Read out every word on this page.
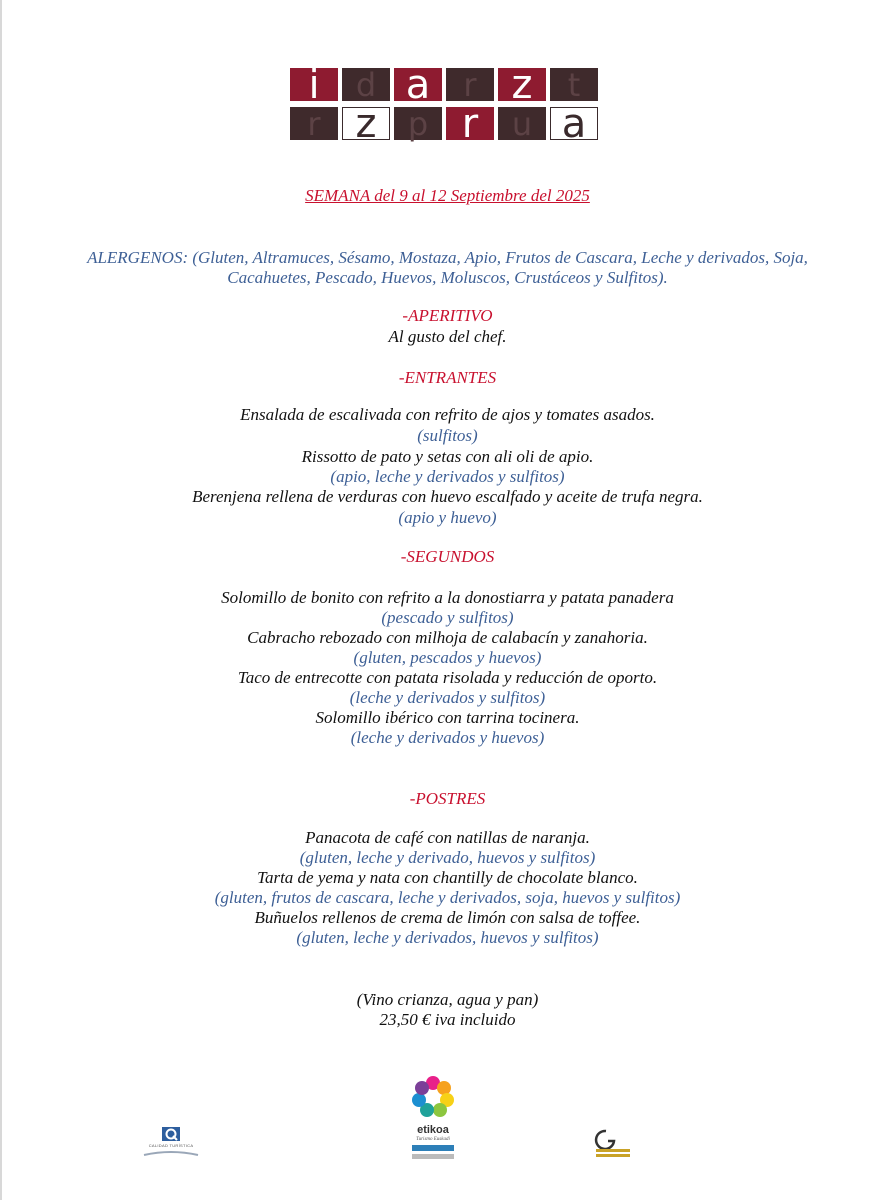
i	d a	r z	t
r z p r	u a
SEMANA del 9 al 12 Septiembre del 2025
ALERGENOS: (Gluten, Altramuces, Sésamo, Mostaza, Apio, Frutos de Cascara, Leche y derivados, Soja,
Cacahuetes, Pescado, Huevos, Moluscos, Crustáceos y Sulfitos).
-APERITIVO
Al gusto del chef.
-ENTRANTES
Ensalada de escalivada con refrito de ajos y tomates asados.
(sulfitos)
Rissotto de pato y setas con ali oli de apio.
(apio, leche y derivados y sulfitos)
Berenjena rellena de verduras con huevo escalfado y aceite de trufa negra.
(apio y huevo)
-SEGUNDOS
Solomillo de bonito con refrito a la donostiarra y patata panadera
(pescado y sulfitos)
Cabracho rebozado con milhoja de calabacín y zanahoria.
(gluten, pescados y huevos)
Taco de entrecotte con patata risolada y reducción de oporto.
(leche y derivados y sulfitos)
Solomillo ibérico con tarrina tocinera.
(leche y derivados y huevos)
-POSTRES
Panacota de café con natillas de naranja.
(gluten, leche y derivado, huevos y sulfitos)
Tarta de yema y nata con chantilly de chocolate blanco.
(gluten, frutos de cascara, leche y derivados, soja, huevos y sulfitos)
Buñuelos rellenos de crema de limón con salsa de toffee.
(gluten, leche y derivados, huevos y sulfitos)
(Vino crianza, agua y pan)
23,50 € iva incluido
CALIDAD TURÍSTICA
etikoa
Turismo Euskadi
